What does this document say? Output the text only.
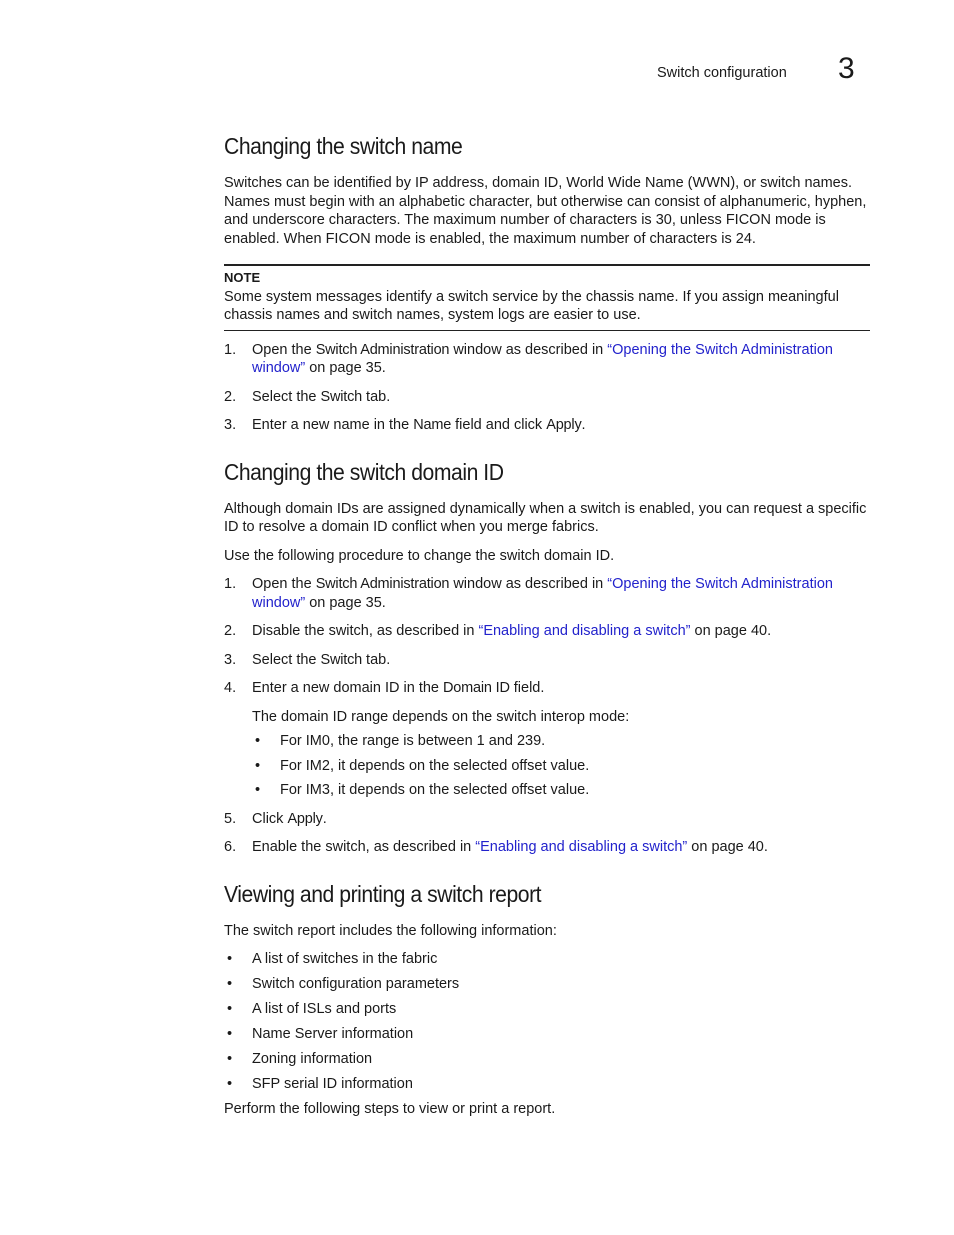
Switch configuration 3
Changing the switch name

Switches can be identified by IP address, domain ID, World Wide Name (WWN), or switch names. Names must begin with an alphabetic character, but otherwise can consist of alphanumeric, hyphen, and underscore characters. The maximum number of characters is 30, unless FICON mode is enabled. When FICON mode is enabled, the maximum number of characters is 24.

NOTE
Some system messages identify a switch service by the chassis name. If you assign meaningful chassis names and switch names, system logs are easier to use.
1. Open the Switch Administration window as described in “Opening the Switch Administration window” on page 35.
2. Select the Switch tab.
3. Enter a new name in the Name field and click Apply.
Changing the switch domain ID

Although domain IDs are assigned dynamically when a switch is enabled, you can request a specific ID to resolve a domain ID conflict when you merge fabrics.

Use the following procedure to change the switch domain ID.

1. Open the Switch Administration window as described in “Opening the Switch Administration window” on page 35.
2. Disable the switch, as described in “Enabling and disabling a switch” on page 40.
3. Select the Switch tab.
4. Enter a new domain ID in the Domain ID field.

The domain ID range depends on the switch interop mode:

• For IM0, the range is between 1 and 239.
• For IM2, it depends on the selected offset value.
• For IM3, it depends on the selected offset value.
5. Click Apply.
6. Enable the switch, as described in “Enabling and disabling a switch” on page 40.
Viewing and printing a switch report

The switch report includes the following information:

• A list of switches in the fabric
• Switch configuration parameters
• A list of ISLs and ports
• Name Server information
• Zoning information
• SFP serial ID information

Perform the following steps to view or print a report.
